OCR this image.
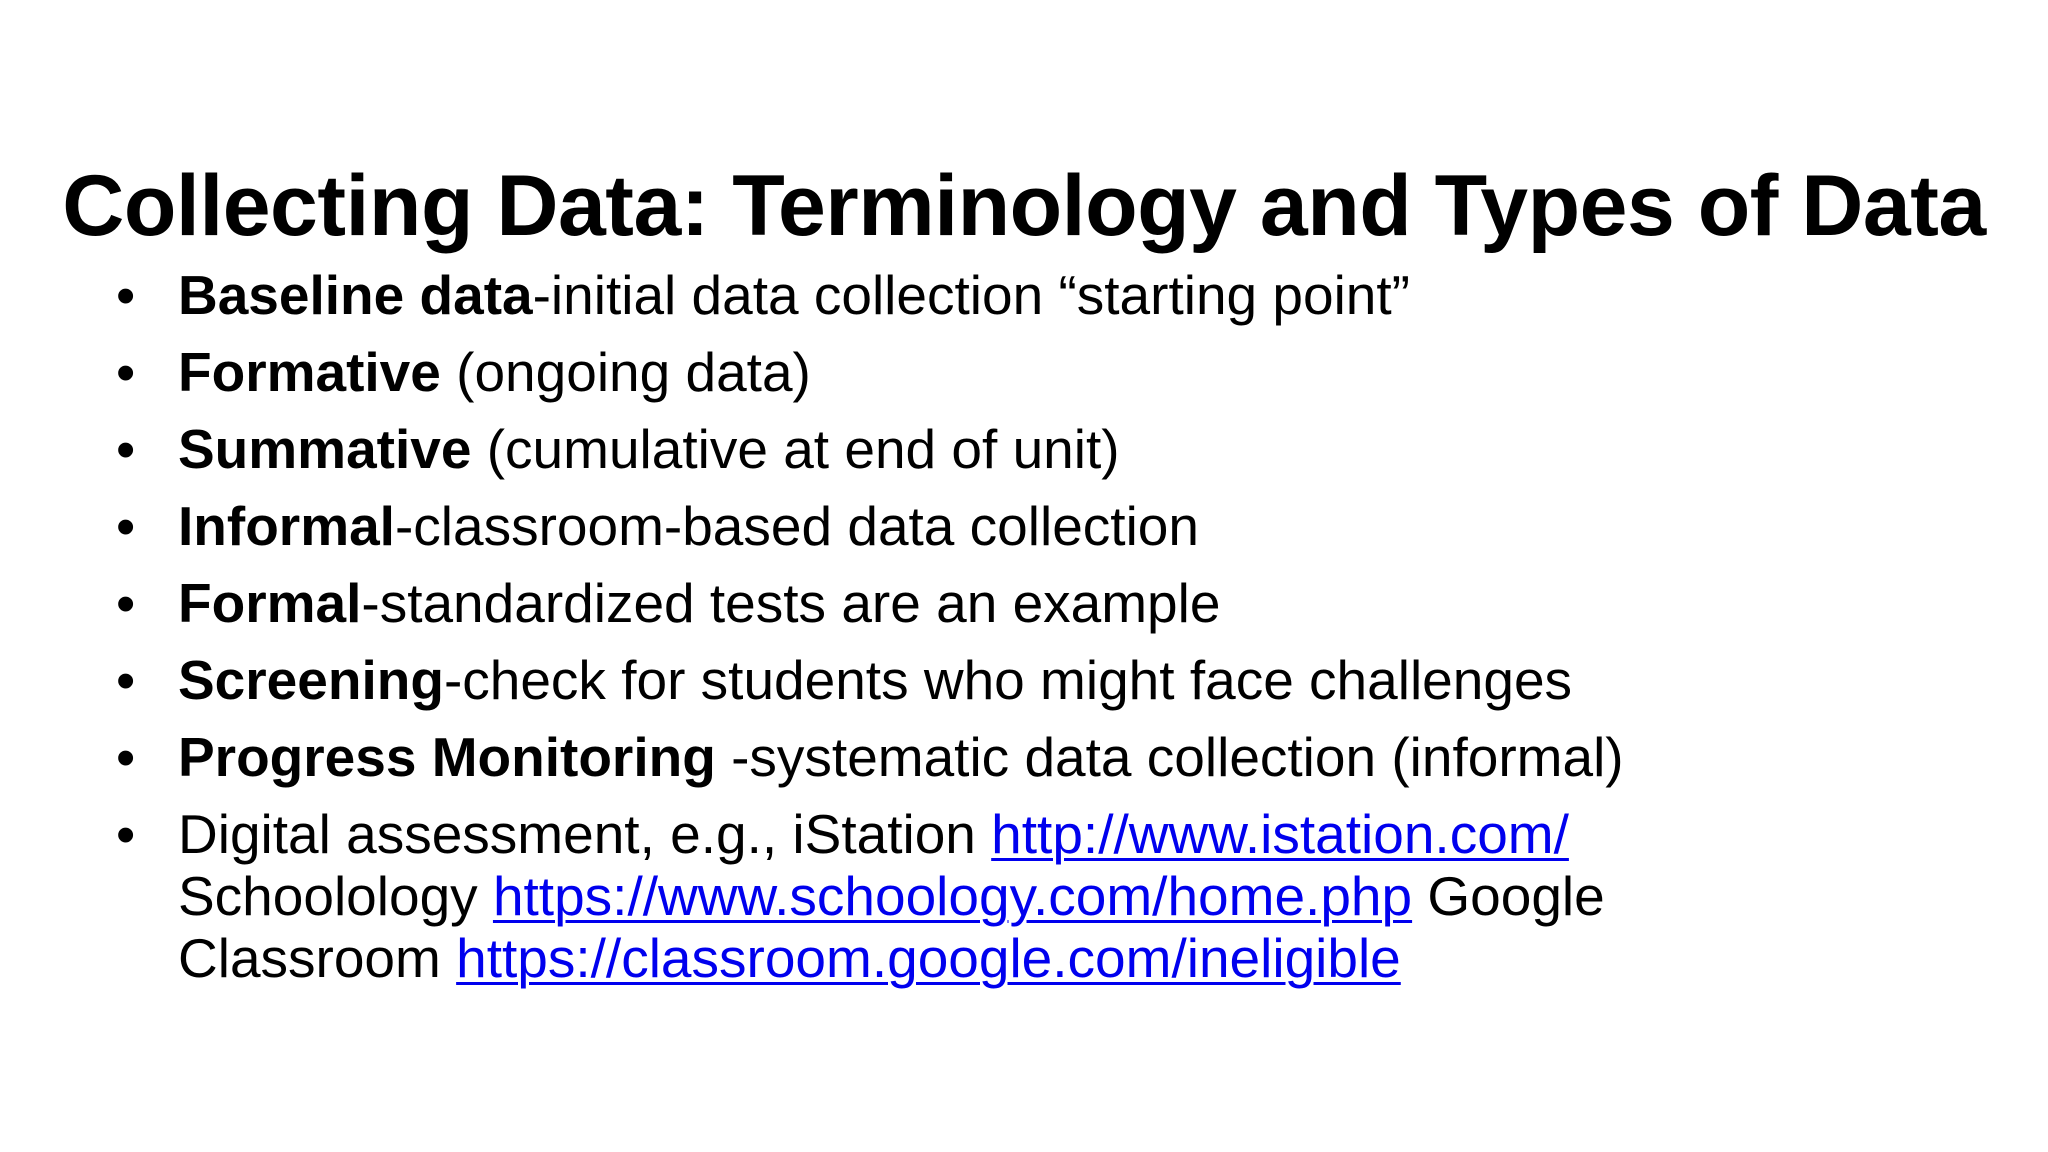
Collecting Data: Terminology and Types of Data
• Baseline data-initial data collection “starting point”
• Formative (ongoing data)
• Summative (cumulative at end of unit)
• Informal-classroom-based data collection
• Formal-standardized tests are an example
• Screening-check for students who might face challenges
• Progress Monitoring -systematic data collection (informal)
• Digital assessment, e.g., iStation http://www.istation.com/ Schoolology https://www.schoology.com/home.php Google Classroom https://classroom.google.com/ineligible
